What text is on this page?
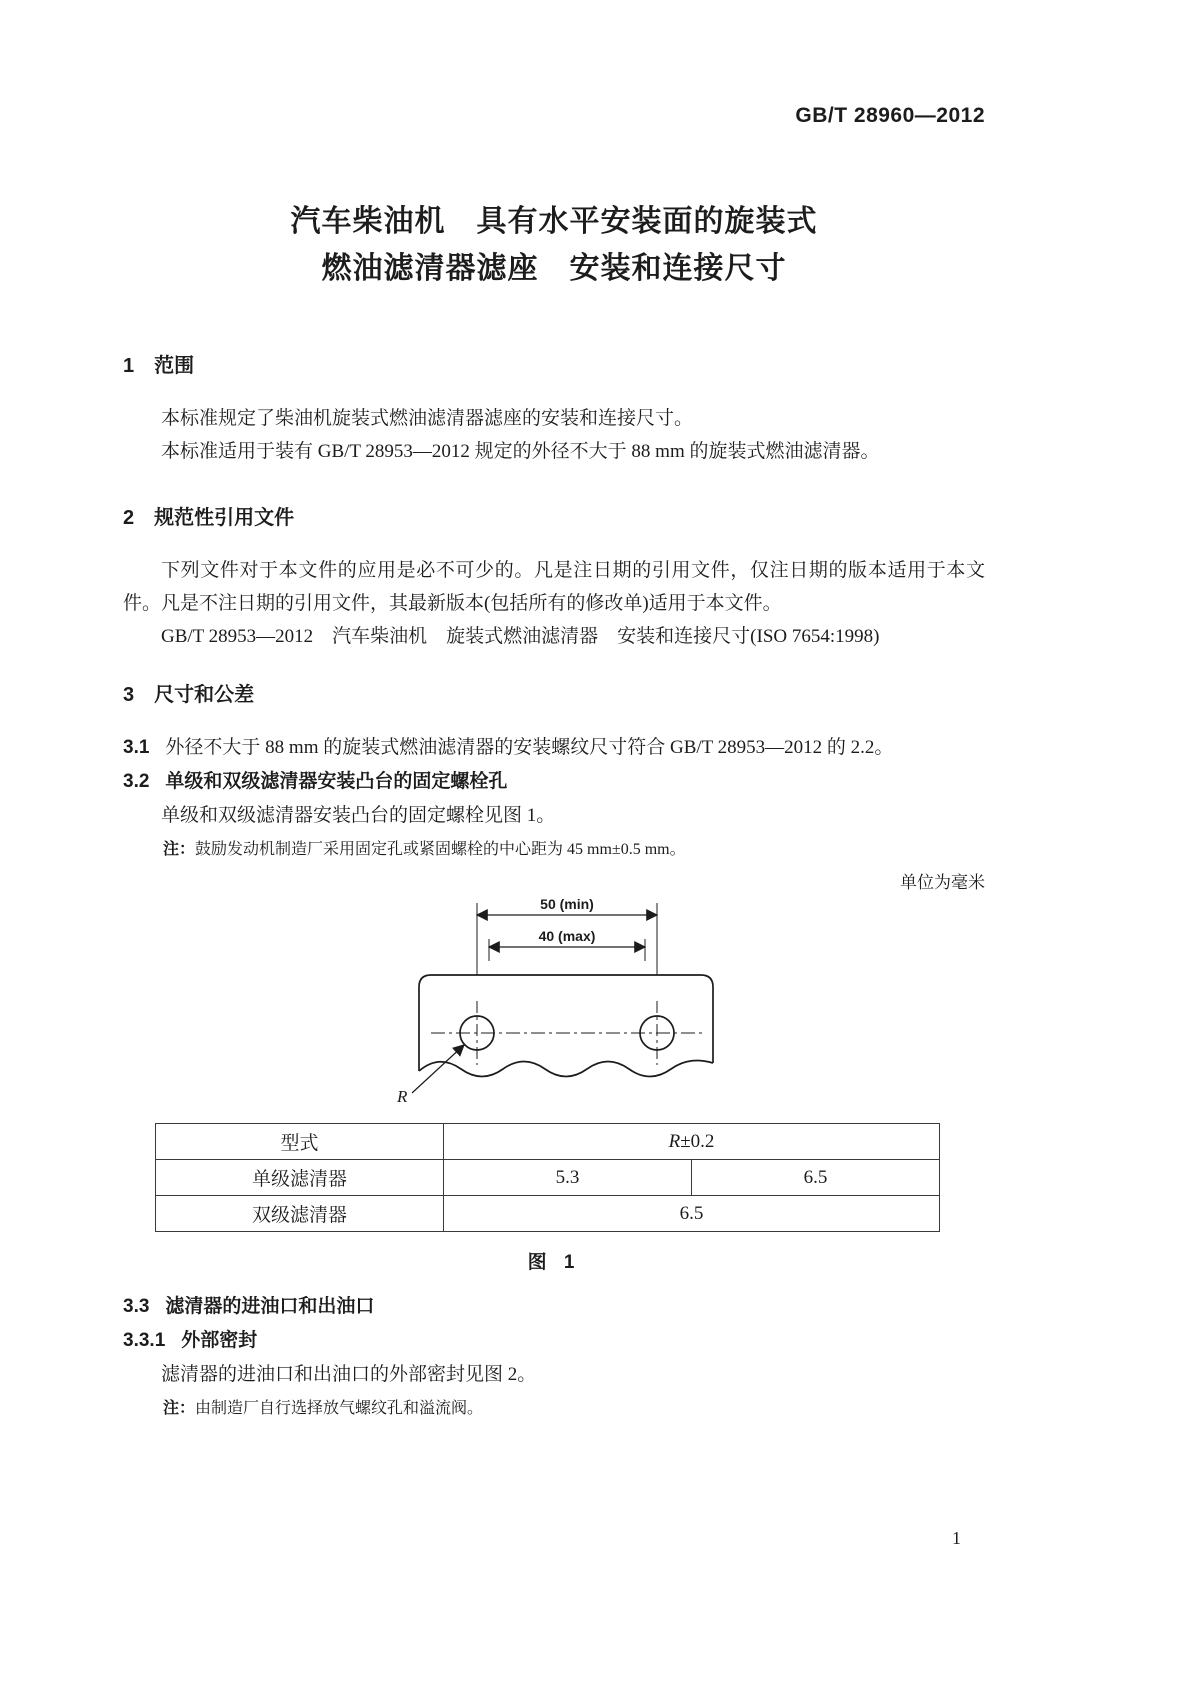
GB/T 28960—2012
汽车柴油机　具有水平安装面的旋装式
燃油滤清器滤座　安装和连接尺寸
1　范围

本标准规定了柴油机旋装式燃油滤清器滤座的安装和连接尺寸。

本标准适用于装有 GB/T 28953—2012 规定的外径不大于 88 mm 的旋装式燃油滤清器。

2　规范性引用文件

下列文件对于本文件的应用是必不可少的。凡是注日期的引用文件，仅注日期的版本适用于本文件。凡是不注日期的引用文件，其最新版本(包括所有的修改单)适用于本文件。

GB/T 28953—2012　汽车柴油机　旋装式燃油滤清器　安装和连接尺寸(ISO 7654:1998)

3　尺寸和公差
3.1 外径不大于 88 mm 的旋装式燃油滤清器的安装螺纹尺寸符合 GB/T 28953—2012 的 2.2。
3.2 单级和双级滤清器安装凸台的固定螺栓孔

单级和双级滤清器安装凸台的固定螺栓见图 1。

注：鼓励发动机制造厂采用固定孔或紧固螺栓的中心距为 45 mm±0.5 mm。
单位为毫米
50 (min)
40 (max)
R
型式	R±0.2	
单级滤清器	5.3	6.5
双级滤清器	6.5	
图 1
3.3 滤清器的进油口和出油口
3.3.1 外部密封

滤清器的进油口和出油口的外部密封见图 2。

注：由制造厂自行选择放气螺纹孔和溢流阀。
1
